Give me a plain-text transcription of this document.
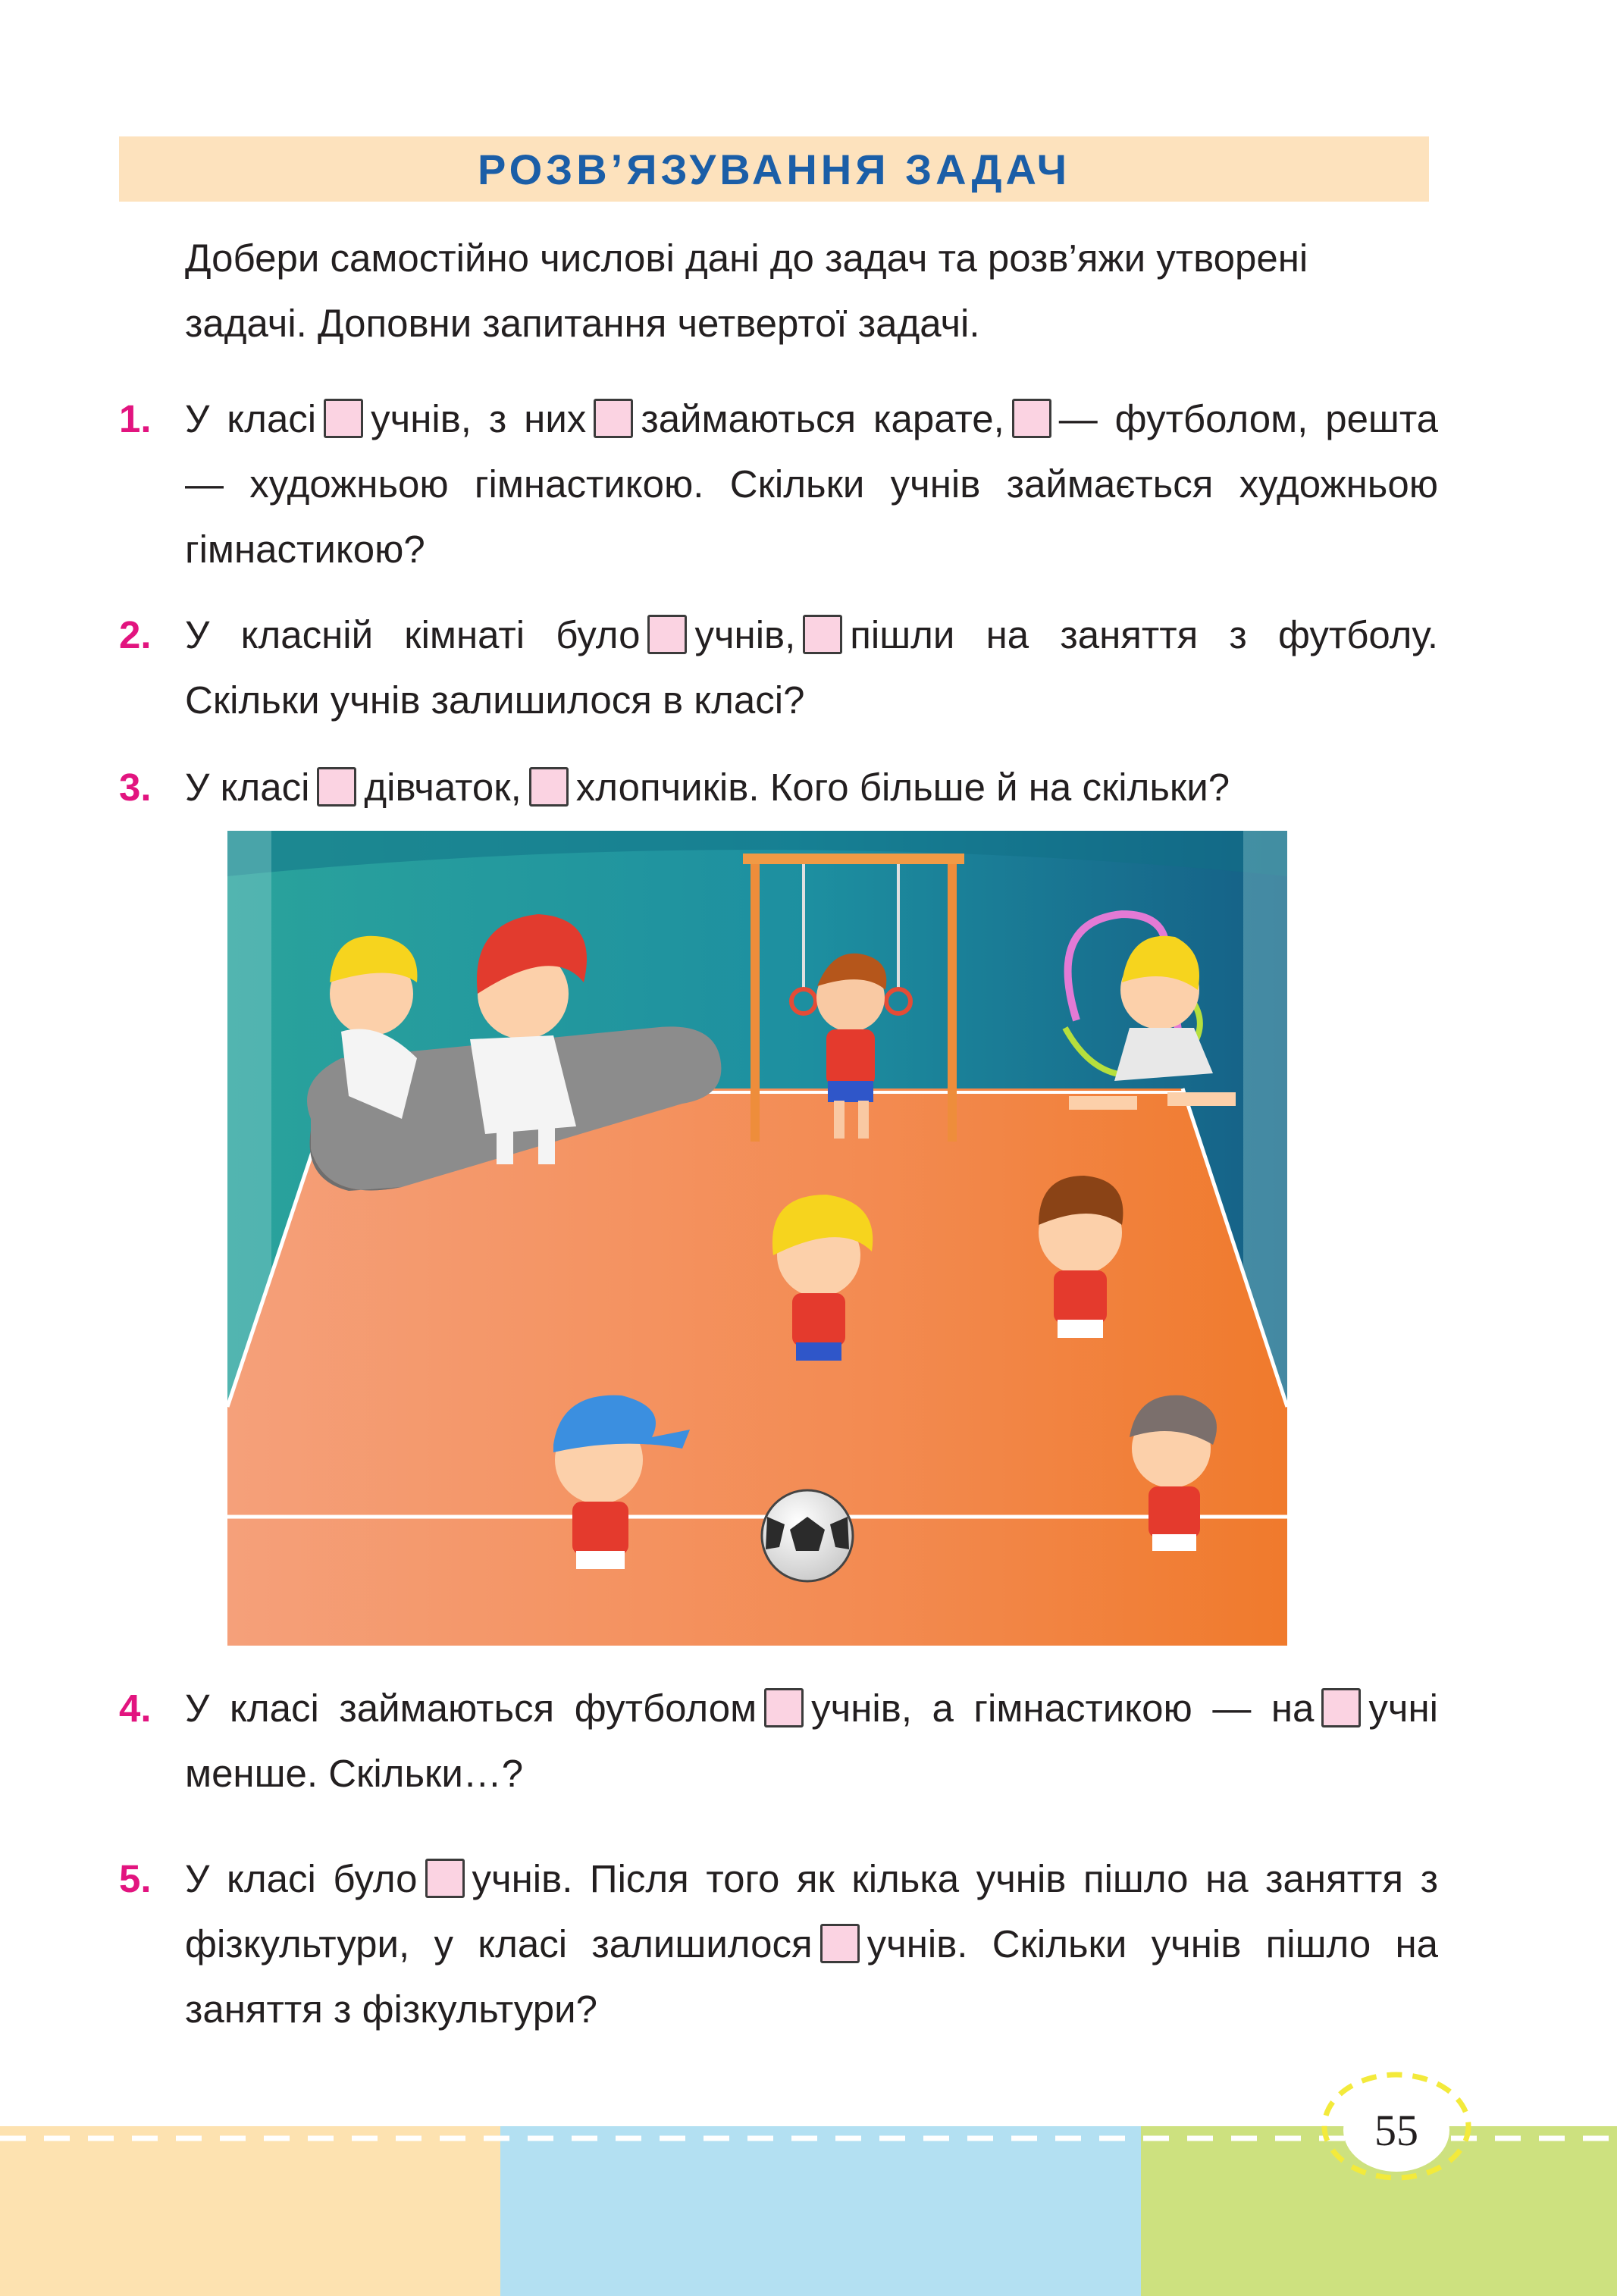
РОЗВ’ЯЗУВАННЯ ЗАДАЧ
Добери самостійно числові дані до задач та розв’яжи утворені задачі. Доповни запитання четвертої задачі.
1. У класі учнів, з них займаються карате, — футболом, решта — художньою гімнастикою. Скільки учнів займається художньою гімнастикою?
2. У класній кімнаті було учнів, пішли на заняття з футболу. Скільки учнів залишилося в класі?
3. У класі дівчаток, хлопчиків. Кого більше й на скільки?
4. У класі займаються футболом учнів, а гімнастикою — на учні менше. Скільки…?
5. У класі було учнів. Після того як кілька учнів пішло на заняття з фізкультури, у класі залишилося учнів. Скільки учнів пішло на заняття з фізкультури?
55
